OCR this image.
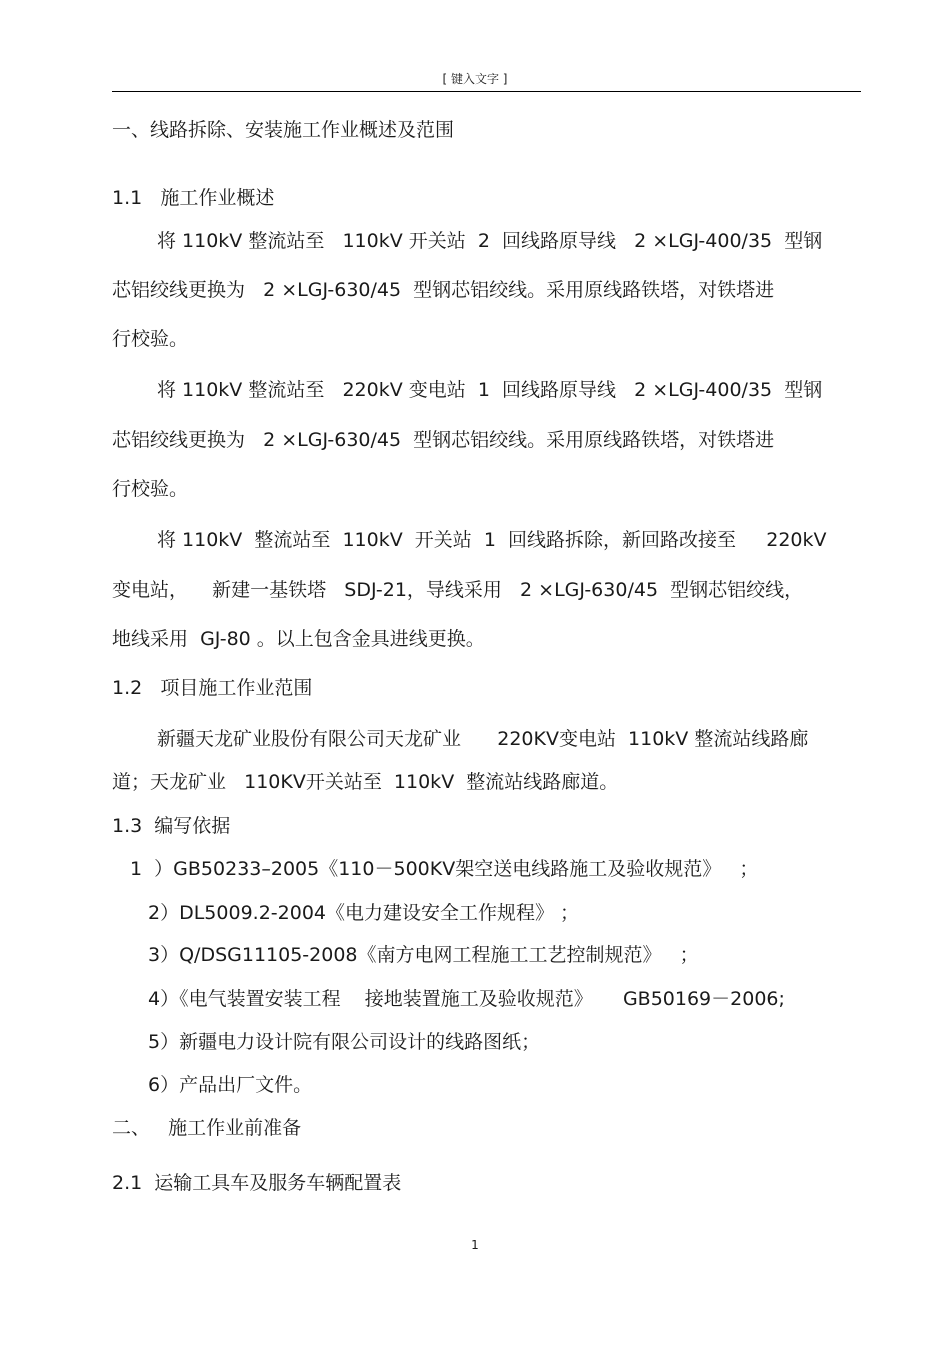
[ 键入文字 ]
一、线路拆除、安装施工作业概述及范围
1.1   施工作业概述
将 110kV 整流站至   110kV 开关站  2  回线路原导线   2 ×LGJ-400/35  型钢
芯铝绞线更换为   2 ×LGJ-630/45  型钢芯铝绞线。采用原线路铁塔，对铁塔进
行校验。
将 110kV 整流站至   220kV 变电站  1  回线路原导线   2 ×LGJ-400/35  型钢
芯铝绞线更换为   2 ×LGJ-630/45  型钢芯铝绞线。采用原线路铁塔，对铁塔进
行校验。
将 110kV  整流站至  110kV  开关站  1  回线路拆除，新回路改接至     220kV
变电站，    新建一基铁塔   SDJ-21，导线采用   2 ×LGJ-630/45  型钢芯铝绞线，
地线采用  GJ-80 。以上包含金具进线更换。
1.2   项目施工作业范围
新疆天龙矿业股份有限公司天龙矿业      220KV变电站  110kV 整流站线路廊
道；天龙矿业   110KV开关站至  110kV  整流站线路廊道。
1.3  编写依据
1  ）GB50233–2005《110－500KV架空送电线路施工及验收规范》   ；
2）DL5009.2-2004《电力建设安全工作规程》 ；
3）Q/DSG11105-2008《南方电网工程施工工艺控制规范》   ；
4）《电气装置安装工程    接地装置施工及验收规范》     GB50169－2006;
5）新疆电力设计院有限公司设计的线路图纸；
6）产品出厂文件。
二、   施工作业前准备
2.1  运输工具车及服务车辆配置表
1
